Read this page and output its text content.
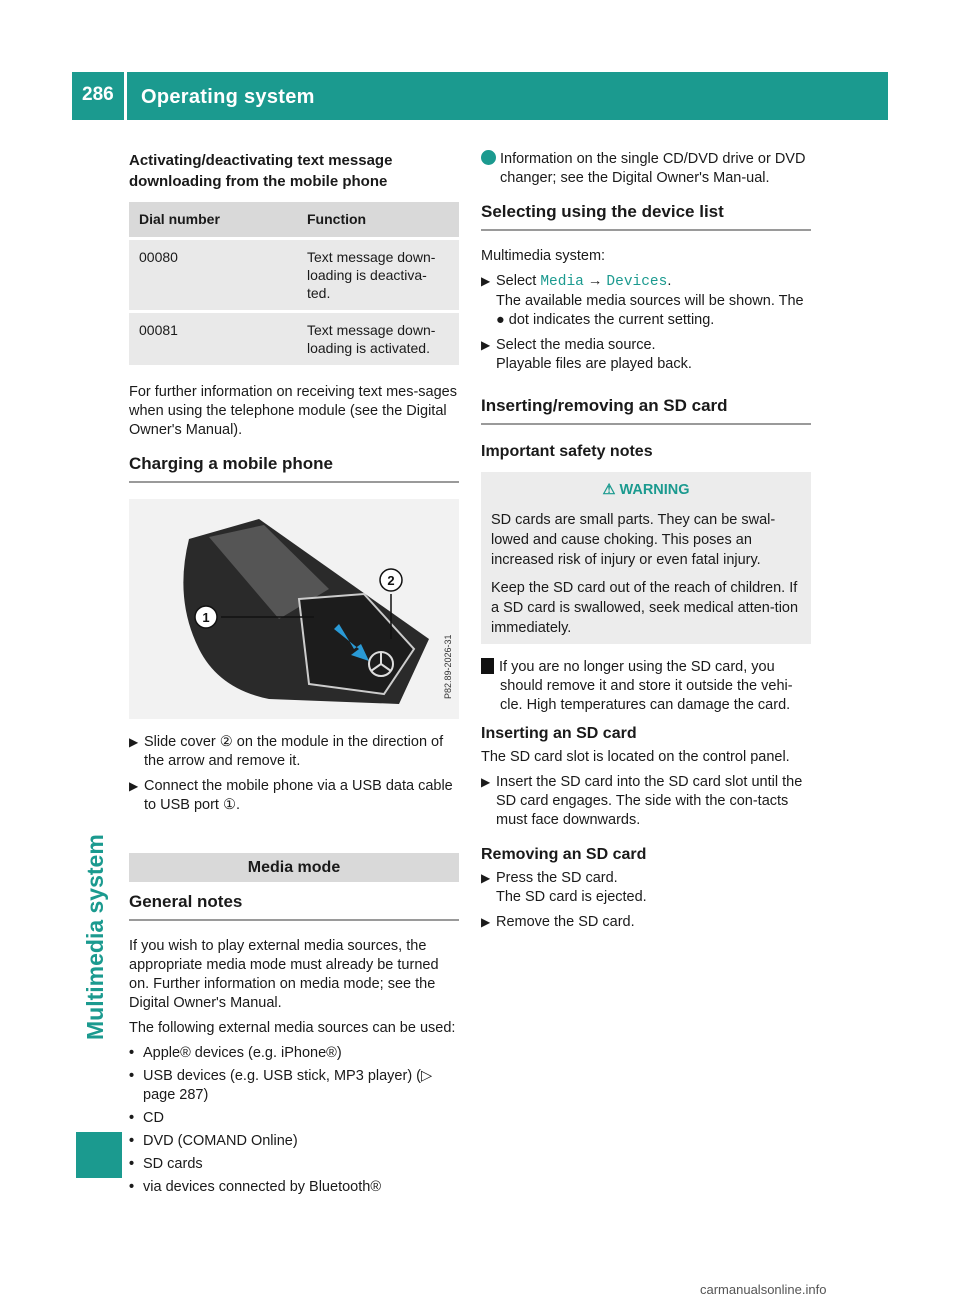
286 Operating system
Multimedia system
Activating/deactivating text message downloading from the mobile phone
Dial number	Function
00080	Text message down-loading is deactiva-ted.
00081	Text message down-loading is activated.

For further information on receiving text mes-sages when using the telephone module (see the Digital Owner's Manual).

Charging a mobile phone
1
2
P82.89-2026-31
▶ Slide cover ② on the module in the direction of the arrow and remove it.
▶ Connect the mobile phone via a USB data cable to USB port ①.
Media mode
General notes

If you wish to play external media sources, the appropriate media mode must already be turned on. Further information on media mode; see the Digital Owner's Manual.

The following external media sources can be used:

• Apple® devices (e.g. iPhone®)
• USB devices (e.g. USB stick, MP3 player) (▷ page 287)
• CD
• DVD (COMAND Online)
• SD cards
• via devices connected by Bluetooth®

i Information on the single CD/DVD drive or DVD changer; see the Digital Owner's Man-ual.

Selecting using the device list

Multimedia system:

▶ Select Media → Devices.
The available media sources will be shown. The ● dot indicates the current setting.
▶ Select the media source.
Playable files are played back.
Inserting/removing an SD card
Important safety notes
⚠ WARNING

SD cards are small parts. They can be swal-lowed and cause choking. This poses an increased risk of injury or even fatal injury.

Keep the SD card out of the reach of children. If a SD card is swallowed, seek medical atten-tion immediately.

! If you are no longer using the SD card, you should remove it and store it outside the vehi-cle. High temperatures can damage the card.

Inserting an SD card

The SD card slot is located on the control panel.

▶ Insert the SD card into the SD card slot until the SD card engages. The side with the con-tacts must face downwards.
Removing an SD card
▶ Press the SD card.
The SD card is ejected.
▶ Remove the SD card.
carmanualsonline.info
